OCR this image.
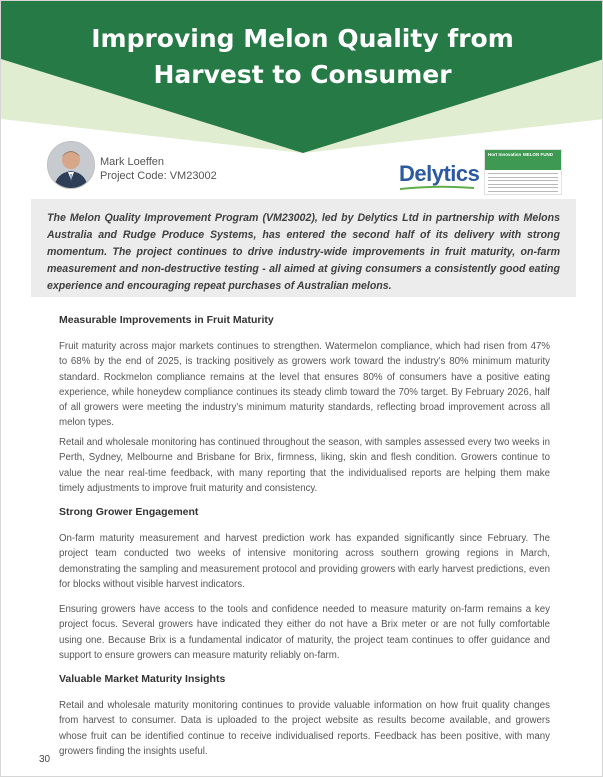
Improving Melon Quality from Harvest to Consumer
Mark Loeffen
Project Code: VM23002	Delytics
Hort Innovation MELON FUND

The Melon Quality Improvement Program (VM23002), led by Delytics Ltd in partnership with Melons Australia and Rudge Produce Systems, has entered the second half of its delivery with strong momentum. The project continues to drive industry-wide improvements in fruit maturity, on-farm measurement and non-destructive testing - all aimed at giving consumers a consistently good eating experience and encouraging repeat purchases of Australian melons.

Measurable Improvements in Fruit Maturity

Fruit maturity across major markets continues to strengthen. Watermelon compliance, which had risen from 47% to 68% by the end of 2025, is tracking positively as growers work toward the industry’s 80% minimum maturity standard. Rockmelon compliance remains at the level that ensures 80% of consumers have a positive eating experience, while honeydew compliance continues its steady climb toward the 70% target. By February 2026, half of all growers were meeting the industry’s minimum maturity standards, reflecting broad improvement across all melon types.

Retail and wholesale monitoring has continued throughout the season, with samples assessed every two weeks in Perth, Sydney, Melbourne and Brisbane for Brix, firmness, liking, skin and flesh condition. Growers continue to value the near real-time feedback, with many reporting that the individualised reports are helping them make timely adjustments to improve fruit maturity and consistency.

Strong Grower Engagement

On-farm maturity measurement and harvest prediction work has expanded significantly since February. The project team conducted two weeks of intensive monitoring across southern growing regions in March, demonstrating the sampling and measurement protocol and providing growers with early harvest predictions, even for blocks without visible harvest indicators.

Ensuring growers have access to the tools and confidence needed to measure maturity on-farm remains a key project focus. Several growers have indicated they either do not have a Brix meter or are not fully comfortable using one. Because Brix is a fundamental indicator of maturity, the project team continues to offer guidance and support to ensure growers can measure maturity reliably on-farm.

Valuable Market Maturity Insights

Retail and wholesale maturity monitoring continues to provide valuable information on how fruit quality changes from harvest to consumer. Data is uploaded to the project website as results become available, and growers whose fruit can be identified continue to receive individualised reports. Feedback has been positive, with many growers finding the insights useful.

30
